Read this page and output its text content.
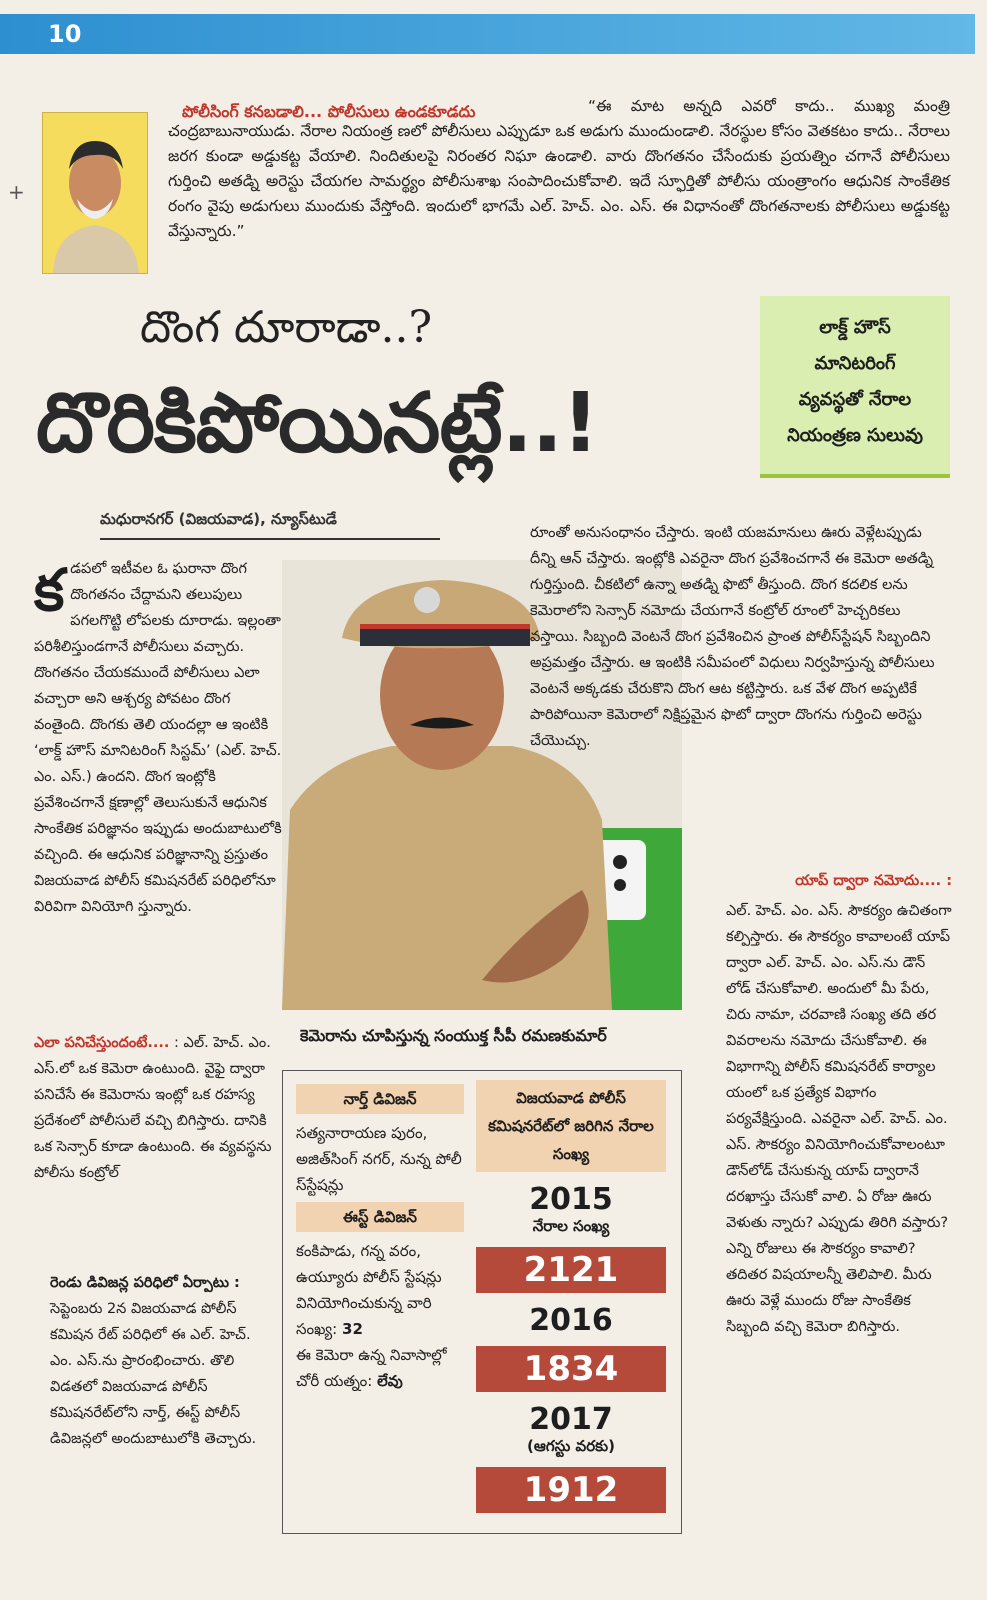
10
+
పోలీసింగ్ కనబడాలి... పోలీసులు ఉండకూడదు	“ఈ మాట అన్నది ఎవరో కాదు.. ముఖ్య మంత్రి చంద్రబాబునాయుడు. నేరాల నియంత్ర ణలో పోలీసులు ఎప్పుడూ ఒక అడుగు ముందుండాలి. నేరస్థుల కోసం వెతకటం కాదు.. నేరాలు జరగ కుండా అడ్డుకట్ట వేయాలి. నిందితులపై నిరంతర నిఘా ఉండాలి. వారు దొంగతనం చేసేందుకు ప్రయత్నిం చగానే పోలీసులు గుర్తించి అతడ్ని అరెస్టు చేయగల సామర్థ్యం పోలీసుశాఖ సంపాదించుకోవాలి. ఇదే స్ఫూర్తితో పోలీసు యంత్రాంగం ఆధునిక సాంకేతిక రంగం వైపు అడుగులు ముందుకు వేస్తోంది. ఇందులో భాగమే ఎల్‌. హెచ్‌. ఎం. ఎస్‌. ఈ విధానంతో దొంగతనాలకు పోలీసులు అడ్డుకట్ట వేస్తున్నారు.”
దొంగ దూరాడా..?
దొరికిపోయినట్లే..!
లాక్డ్‌ హౌస్‌
మానిటరింగ్‌
వ్యవస్థతో నేరాల
నియంత్రణ సులువు
మధురానగర్‌ (విజయవాడ), న్యూస్‌టుడే
క డపలో ఇటీవల ఓ ఘరానా దొంగ దొంగతనం చేద్దామని తలుపులు పగలగొట్టి లోపలకు దూరాడు. ఇల్లంతా పరిశీలిస్తుండగానే పోలీసులు వచ్చారు. దొంగతనం చేయకముందే పోలీసులు ఎలా వచ్చారా అని ఆశ్చర్య పోవటం దొంగ వంతైంది. దొంగకు తెలి యందల్లా ఆ ఇంటికి ‘లాక్డ్‌ హౌస్‌ మానిటరింగ్‌ సిస్టమ్‌’ (ఎల్‌. హెచ్‌. ఎం. ఎస్‌.) ఉందని. దొంగ ఇంట్లోకి ప్రవేశించగానే క్షణాల్లో తెలుసుకునే ఆధునిక సాంకేతిక పరిజ్ఞానం ఇప్పుడు అందుబాటులోకి వచ్చింది. ఈ ఆధునిక పరిజ్ఞానాన్ని ప్రస్తుతం విజయవాడ పోలీస్‌ కమిషనరేట్‌ పరిధిలోనూ విరివిగా వినియోగి స్తున్నారు.
ఎలా పనిచేస్తుందంటే.... : ఎల్‌. హెచ్‌. ఎం. ఎస్‌.లో ఒక కెమెరా ఉంటుంది. వైఫై ద్వారా పనిచేసే ఈ కెమెరాను ఇంట్లో ఒక రహస్య ప్రదేశంలో పోలీసులే వచ్చి బిగిస్తారు. దానికి ఒక సెన్సార్‌ కూడా ఉంటుంది. ఈ వ్యవస్థను పోలీసు కంట్రోల్‌
రెండు డివిజన్ల పరిధిలో ఏర్పాటు : సెప్టెంబరు 2న విజయవాడ పోలీస్‌ కమిషన రేట్‌ పరిధిలో ఈ ఎల్‌. హెచ్‌. ఎం. ఎస్‌.ను ప్రారంభించారు. తొలి విడతలో విజయవాడ పోలీస్‌ కమిషనరేట్‌లోని నార్త్‌, ఈస్ట్‌ పోలీస్‌ డివిజన్లలో అందుబాటులోకి తెచ్చారు.
కెమెరాను చూపిస్తున్న సంయుక్త సీపీ రమణకుమార్‌
రూంతో అనుసంధానం చేస్తారు. ఇంటి యజమానులు ఊరు వెళ్లేటప్పుడు దీన్ని ఆన్‌ చేస్తారు. ఇంట్లోకి ఎవరైనా దొంగ ప్రవేశించగానే ఈ కెమెరా అతడ్ని గుర్తిస్తుంది. చీకటిలో ఉన్నా అతడ్ని ఫొటో తీస్తుంది. దొంగ కదలిక లను కెమెరాలోని సెన్సార్‌ నమోదు చేయగానే కంట్రోల్‌ రూంలో హెచ్చరికలు వస్తాయి. సిబ్బంది వెంటనే దొంగ ప్రవేశించిన ప్రాంత పోలీస్‌స్టేషన్‌ సిబ్బందిని అప్రమత్తం చేస్తారు. ఆ ఇంటికి సమీపంలో విధులు నిర్వహిస్తున్న పోలీసులు వెంటనే అక్కడకు చేరుకొని దొంగ ఆట కట్టిస్తారు. ఒక వేళ దొంగ అప్పటికే పారిపోయినా కెమెరాలో నిక్షిప్తమైన ఫొటో ద్వారా దొంగను గుర్తించి అరెస్టు చేయొచ్చు.
నార్త్‌ డివిజన్‌
సత్యనారాయణ పురం, అజిత్‌సింగ్‌ నగర్‌, నున్న పోలీ స్‌స్టేషన్లు
ఈస్ట్‌ డివిజన్‌
కంకిపాడు, గన్న వరం, ఉయ్యూరు పోలీస్‌ స్టేషన్లు
వినియోగించుకున్న వారి సంఖ్య: 32
ఈ కెమెరా ఉన్న నివాసాల్లో చోరీ యత్నం: లేవు
విజయవాడ పోలీస్‌ కమిషనరేట్‌లో జరిగిన నేరాల సంఖ్య
2015
నేరాల సంఖ్య
2121
2016
1834
2017
(ఆగస్టు వరకు)
1912
యాప్‌ ద్వారా నమోదు.... :
ఎల్‌. హెచ్‌. ఎం. ఎస్‌. సౌకర్యం ఉచితంగా కల్పిస్తారు. ఈ సౌకర్యం కావాలంటే యాప్‌ ద్వారా ఎల్‌. హెచ్‌. ఎం. ఎస్‌.ను డౌన్‌ లోడ్‌ చేసుకోవాలి. అందులో మీ పేరు, చిరు నామా, చరవాణి సంఖ్య తది తర వివరాలను నమోదు చేసుకోవాలి. ఈ విభాగాన్ని పోలీస్‌ కమిషనరేట్‌ కార్యాల యంలో ఒక ప్రత్యేక విభాగం పర్యవేక్షిస్తుంది. ఎవరైనా ఎల్‌. హెచ్‌. ఎం. ఎస్‌. సౌకర్యం వినియోగించుకోవాలంటూ డౌన్‌లోడ్‌ చేసుకున్న యాప్‌ ద్వారానే దరఖాస్తు చేసుకో వాలి. ఏ రోజు ఊరు వెళుతు న్నారు? ఎప్పుడు తిరిగి వస్తారు? ఎన్ని రోజులు ఈ సౌకర్యం కావాలి? తదితర విషయాలన్నీ తెలిపాలి. మీరు ఊరు వెళ్లే ముందు రోజు సాంకేతిక సిబ్బంది వచ్చి కెమెరా బిగిస్తారు.
